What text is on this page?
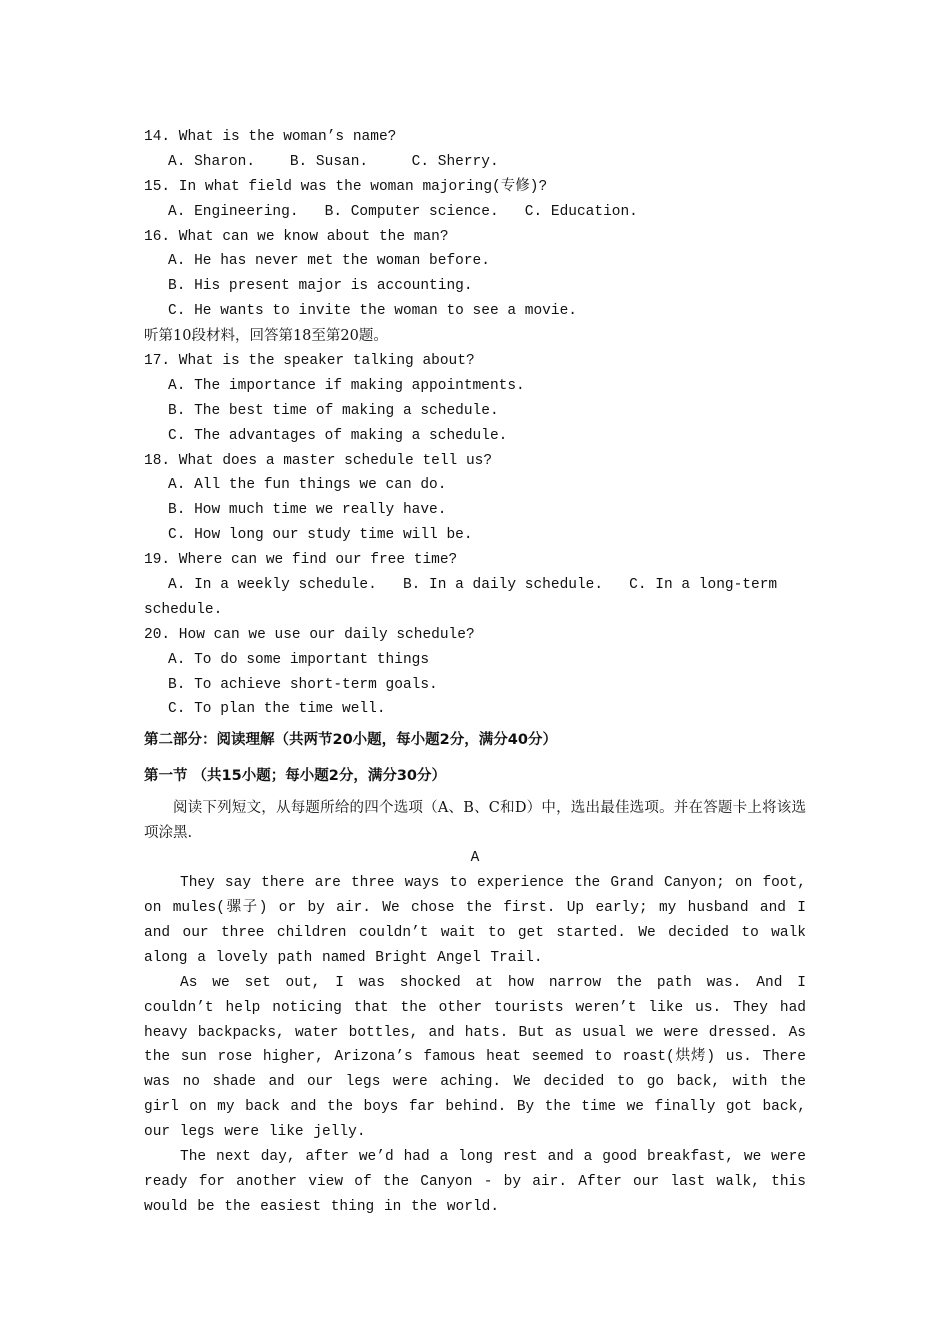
14. What is the woman’s name?
A. Sharon.    B. Susan.     C. Sherry.
15. In what field was the woman majoring(专修)?
A. Engineering.   B. Computer science.   C. Education.
16. What can we know about the man?
A. He has never met the woman before.
B. His present major is accounting.
C. He wants to invite the woman to see a movie.
听第10段材料，回答第18至第20题。
17. What is the speaker talking about?
A. The importance if making appointments.
B. The best time of making a schedule.
C. The advantages of making a schedule.
18. What does a master schedule tell us?
A. All the fun things we can do.
B. How much time we really have.
C. How long our study time will be.
19. Where can we find our free time?
A. In a weekly schedule.   B. In a daily schedule.   C. In a long-term
schedule.
20. How can we use our daily schedule?
A. To do some important things
B. To achieve short-term goals.
C. To plan the time well.
第二部分：阅读理解（共两节20小题，每小题2分，满分40分）
第一节 （共15小题；每小题2分，满分30分）

阅读下列短文，从每题所给的四个选项（A、B、C和D）中，选出最佳选项。并在答题卡上将该选项涂黑.

A

They say there are three ways to experience the Grand Canyon; on foot, on mules(骡子) or by air. We chose the first. Up early; my husband and I and our three children couldn’t wait to get started. We decided to walk along a lovely path named Bright Angel Trail.

As we set out, I was shocked at how narrow the path was. And I couldn’t help noticing that the other tourists weren’t like us. They had heavy backpacks, water bottles, and hats. But as usual we were dressed. As the sun rose higher, Arizona’s famous heat seemed to roast(烘烤) us. There was no shade and our legs were aching. We decided to go back, with the girl on my back and the boys far behind. By the time we finally got back, our legs were like jelly.

The next day, after we’d had a long rest and a good breakfast, we were ready for another view of the Canyon - by air. After our last walk, this would be the easiest thing in the world.
